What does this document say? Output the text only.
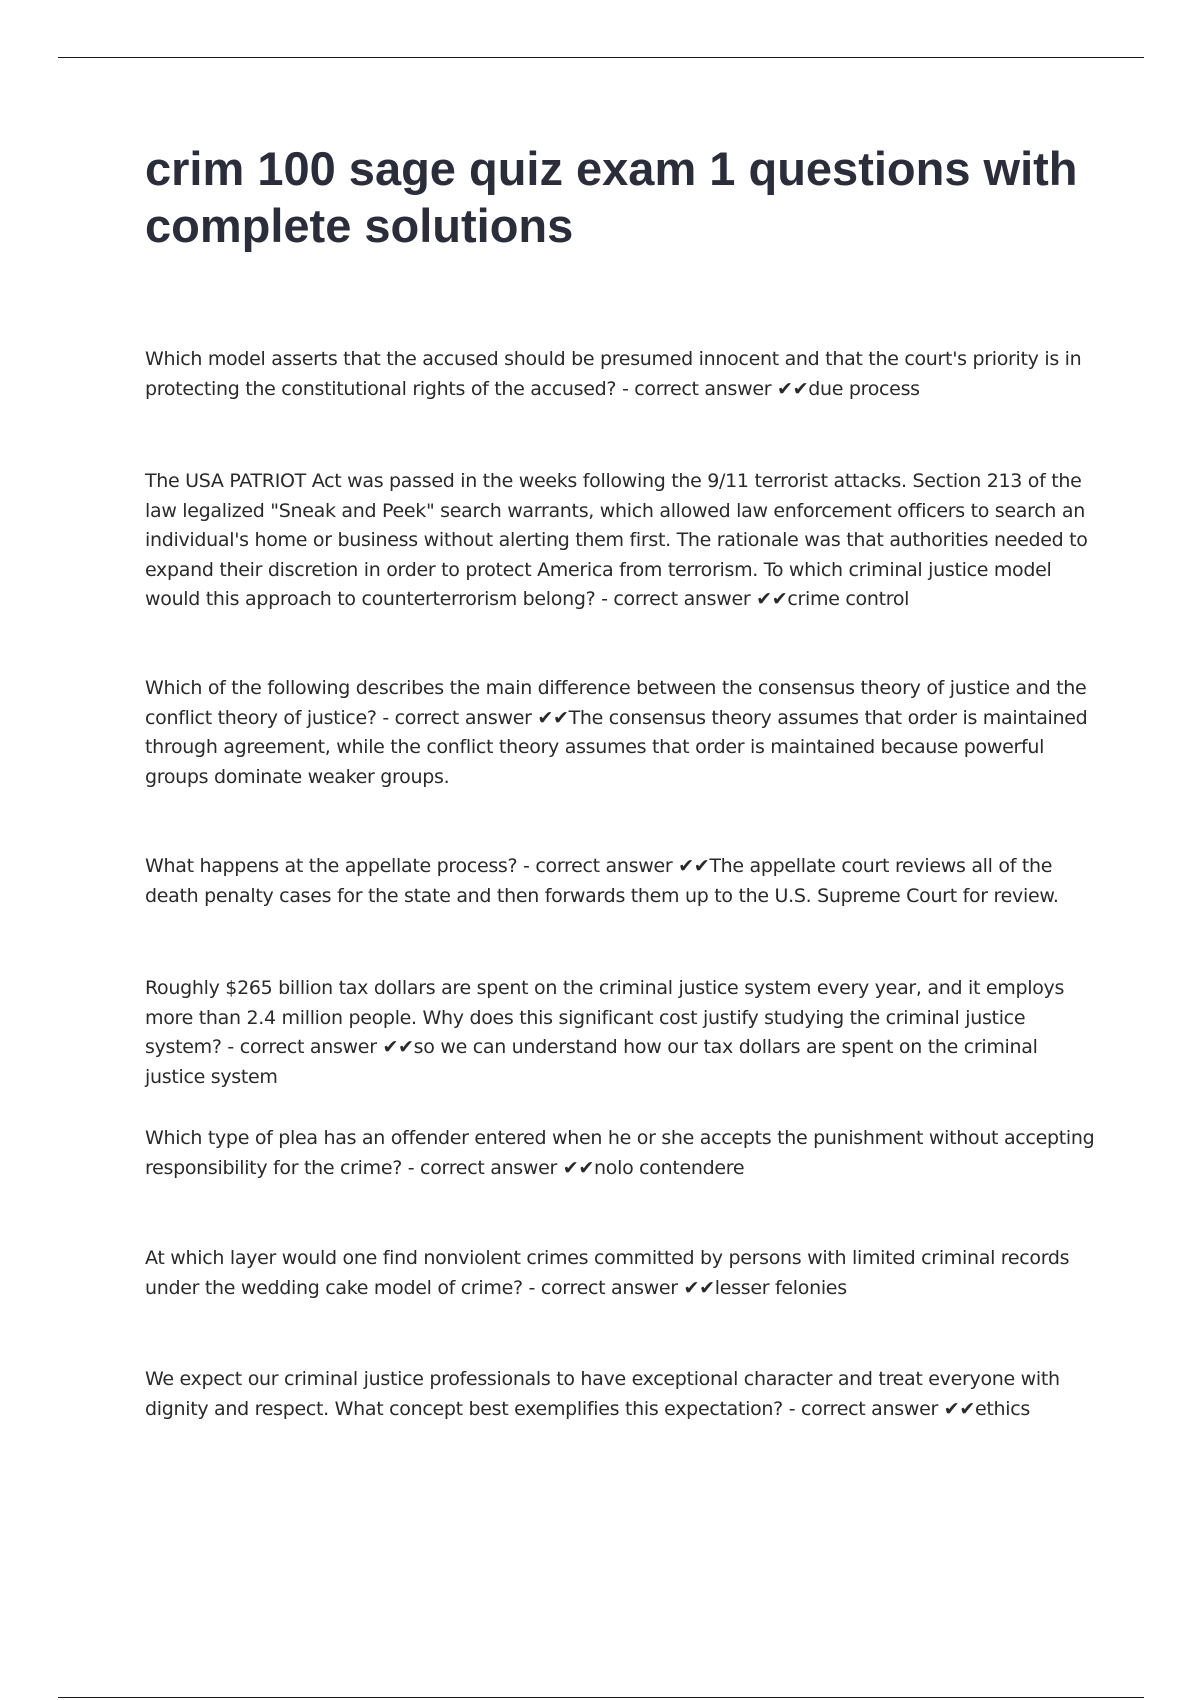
crim 100 sage quiz exam 1 questions with complete solutions

Which model asserts that the accused should be presumed innocent and that the court's priority is in protecting the constitutional rights of the accused? - correct answer ✔✔due process

The USA PATRIOT Act was passed in the weeks following the 9/11 terrorist attacks. Section 213 of the law legalized "Sneak and Peek" search warrants, which allowed law enforcement officers to search an individual's home or business without alerting them first. The rationale was that authorities needed to expand their discretion in order to protect America from terrorism. To which criminal justice model would this approach to counterterrorism belong? - correct answer ✔✔crime control

Which of the following describes the main difference between the consensus theory of justice and the conflict theory of justice? - correct answer ✔✔The consensus theory assumes that order is maintained through agreement, while the conflict theory assumes that order is maintained because powerful groups dominate weaker groups.

What happens at the appellate process? - correct answer ✔✔The appellate court reviews all of the death penalty cases for the state and then forwards them up to the U.S. Supreme Court for review.

Roughly $265 billion tax dollars are spent on the criminal justice system every year, and it employs more than 2.4 million people. Why does this significant cost justify studying the criminal justice system? - correct answer ✔✔so we can understand how our tax dollars are spent on the criminal justice system

Which type of plea has an offender entered when he or she accepts the punishment without accepting responsibility for the crime? - correct answer ✔✔nolo contendere

At which layer would one find nonviolent crimes committed by persons with limited criminal records under the wedding cake model of crime? - correct answer ✔✔lesser felonies

We expect our criminal justice professionals to have exceptional character and treat everyone with dignity and respect. What concept best exemplifies this expectation? - correct answer ✔✔ethics
